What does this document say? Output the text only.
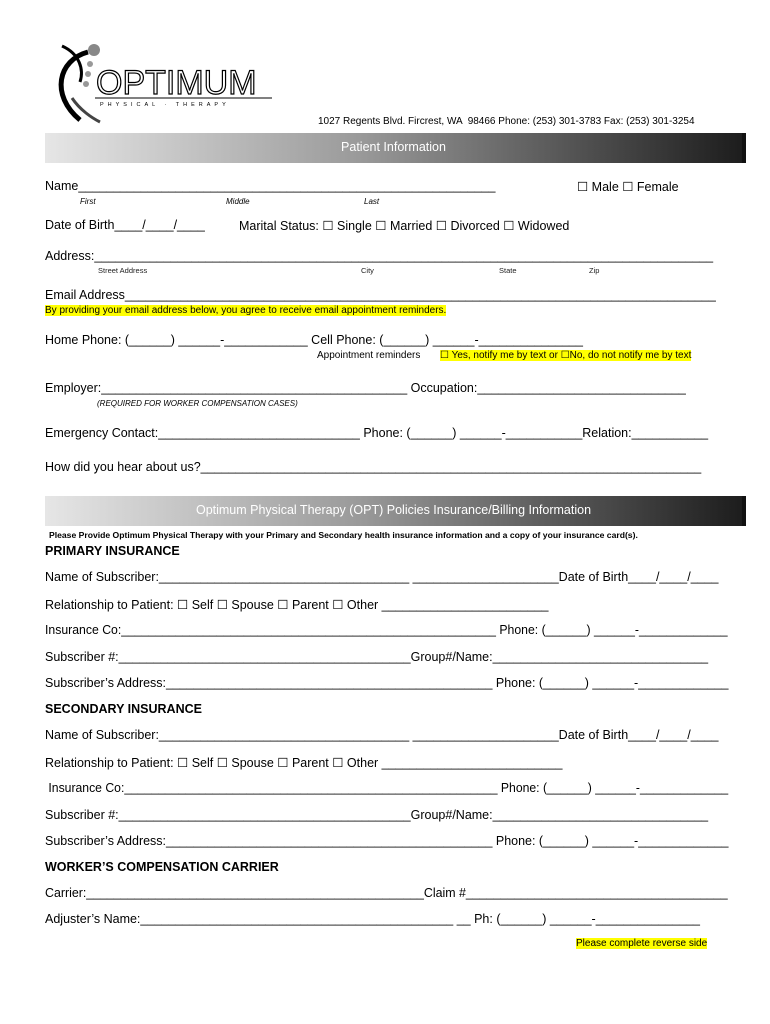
OPTIMUM
PHYSICAL · THERAPY
1027 Regents Blvd. Fircrest, WA  98466 Phone: (253) 301-3783 Fax: (253) 301-3254
Patient Information
Name____________________________________________________________	☐ Male ☐ Female
First	Middle	Last
Date of Birth____/____/____	Marital Status: ☐ Single ☐ Married ☐ Divorced ☐ Widowed
Address:_________________________________________________________________________________________
Street Address	City	State	Zip
Email Address_____________________________________________________________________________________
By providing your email address below, you agree to receive email appointment reminders.
Home Phone: (______) ______-____________ Cell Phone: (______) ______-_______________
Appointment reminders ☐ Yes, notify me by text or ☐No, do not notify me by text
Employer:____________________________________________ Occupation:______________________________
(REQUIRED FOR WORKER COMPENSATION CASES)
Emergency Contact:_____________________________ Phone: (______) ______-___________Relation:___________
How did you hear about us?________________________________________________________________________
Optimum Physical Therapy (OPT) Policies Insurance/Billing Information
Please Provide Optimum Physical Therapy with your Primary and Secondary health insurance information and a copy of your insurance card(s).
PRIMARY INSURANCE
Name of Subscriber:____________________________________ _____________________Date of Birth____/____/____
Relationship to Patient: ☐ Self ☐ Spouse ☐ Parent ☐ Other ________________________
Insurance Co:_______________________________________________________ Phone: (______) ______-_____________
Subscriber #:__________________________________________Group#/Name:_______________________________
Subscriber’s Address:_______________________________________________ Phone: (______) ______-_____________
SECONDARY INSURANCE
Name of Subscriber:____________________________________ _____________________Date of Birth____/____/____
Relationship to Patient: ☐ Self ☐ Spouse ☐ Parent ☐ Other __________________________
Insurance Co:_______________________________________________________ Phone: (______) ______-_____________
Subscriber #:__________________________________________Group#/Name:_______________________________
Subscriber’s Address:_______________________________________________ Phone: (______) ______-_____________
WORKER’S COMPENSATION CARRIER
Carrier:_________________________________________________Claim #______________________________________
Adjuster’s Name:_____________________________________________ __ Ph: (______) ______-_______________
Please complete reverse side
